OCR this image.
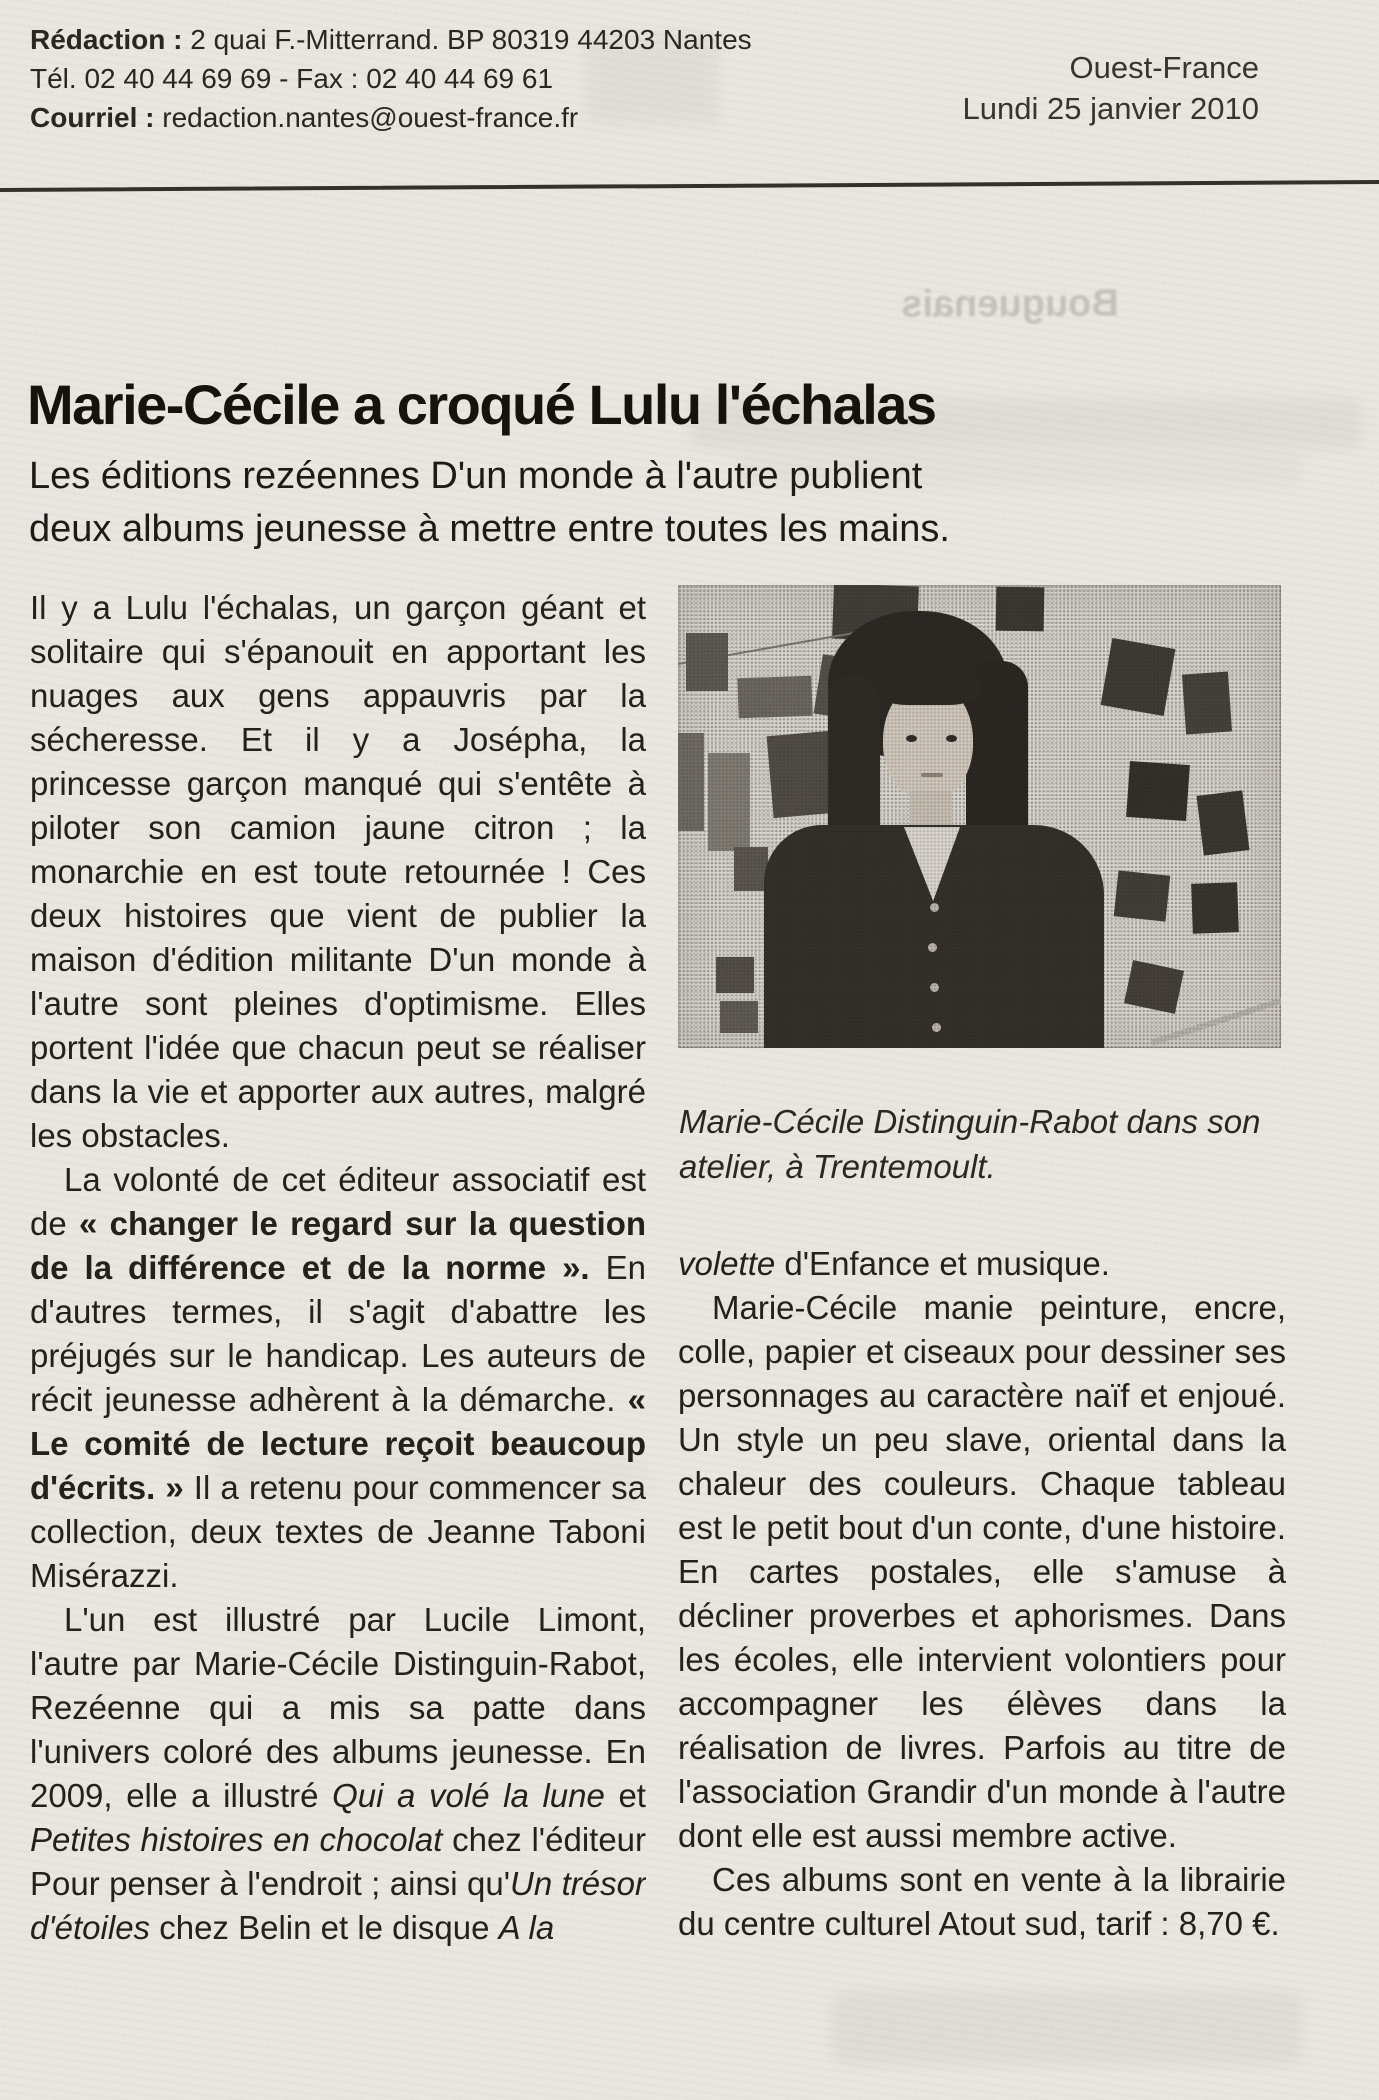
Bouguenais
Rédaction : 2 quai F.-Mitterrand. BP 80319 44203 Nantes
Tél. 02 40 44 69 69 - Fax : 02 40 44 69 61
Courriel : redaction.nantes@ouest-france.fr
Ouest-France
Lundi 25 janvier 2010
Marie-Cécile a croqué Lulu l'échalas
Les éditions rezéennes D'un monde à l'autre publient
deux albums jeunesse à mettre entre toutes les mains.

Il y a Lulu l'échalas, un garçon géant et solitaire qui s'épanouit en apportant les nuages aux gens appauvris par la sécheresse. Et il y a Josépha, la princesse garçon manqué qui s'entête à piloter son camion jaune citron ; la monarchie en est toute retournée ! Ces deux histoires que vient de publier la maison d'édition militante D'un monde à l'autre sont pleines d'optimisme. Elles portent l'idée que chacun peut se réaliser dans la vie et apporter aux autres, malgré les obstacles.

La volonté de cet éditeur associatif est de « changer le regard sur la question de la différence et de la norme ». En d'autres termes, il s'agit d'abattre les préjugés sur le handicap. Les auteurs de récit jeunesse adhèrent à la démarche. « Le comité de lecture reçoit beaucoup d'écrits. » Il a retenu pour commencer sa collection, deux textes de Jeanne Taboni Misérazzi.

L'un est illustré par Lucile Limont, l'autre par Marie-Cécile Distinguin-Rabot, Rezéenne qui a mis sa patte dans l'univers coloré des albums jeunesse. En 2009, elle a illustré Qui a volé la lune et Petites histoires en chocolat chez l'éditeur Pour penser à l'endroit ; ainsi qu'Un trésor d'étoiles chez Belin et le disque A la

Marie-Cécile Distinguin-Rabot dans son atelier, à Trentemoult.

volette d'Enfance et musique.

Marie-Cécile manie peinture, encre, colle, papier et ciseaux pour dessiner ses personnages au caractère naïf et enjoué. Un style un peu slave, oriental dans la chaleur des couleurs. Chaque tableau est le petit bout d'un conte, d'une histoire. En cartes postales, elle s'amuse à décliner proverbes et aphorismes. Dans les écoles, elle intervient volontiers pour accompagner les élèves dans la réalisation de livres. Parfois au titre de l'association Grandir d'un monde à l'autre dont elle est aussi membre active.

Ces albums sont en vente à la librairie du centre culturel Atout sud, tarif : 8,70 €.
